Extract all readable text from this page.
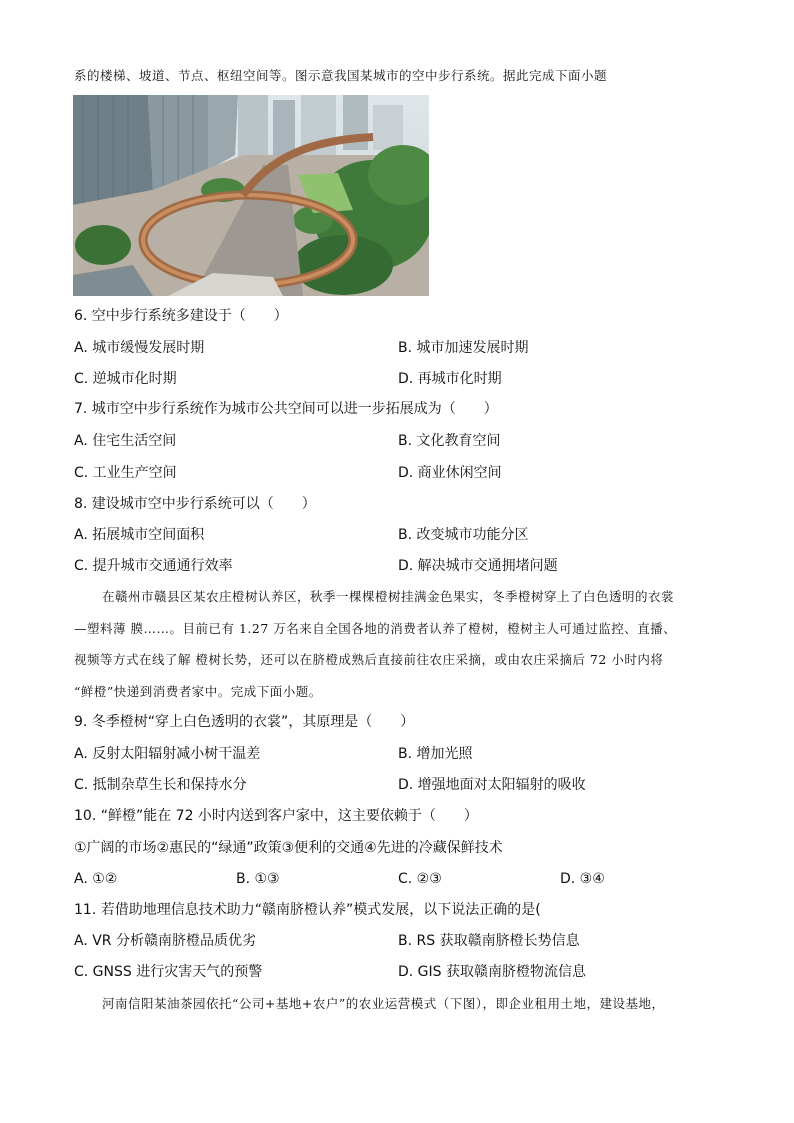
系的楼梯、坡道、节点、枢纽空间等。图示意我国某城市的空中步行系统。据此完成下面小题
6. 空中步行系统多建设于（　　）
A. 城市缓慢发展时期	B. 城市加速发展时期
C. 逆城市化时期	D. 再城市化时期
7. 城市空中步行系统作为城市公共空间可以进一步拓展成为（　　）
A. 住宅生活空间	B. 文化教育空间
C. 工业生产空间	D. 商业休闲空间
8. 建设城市空中步行系统可以（　　）
A. 拓展城市空间面积	B. 改变城市功能分区
C. 提升城市交通通行效率	D. 解决城市交通拥堵问题
在赣州市赣县区某农庄橙树认养区，秋季一棵棵橙树挂满金色果实，冬季橙树穿上了白色透明的衣裳
—塑料薄 膜……。目前已有 1.27 万名来自全国各地的消费者认养了橙树，橙树主人可通过监控、直播、
视频等方式在线了解 橙树长势，还可以在脐橙成熟后直接前往农庄采摘，或由农庄采摘后 72 小时内将
“鲜橙”快递到消费者家中。完成下面小题。
9. 冬季橙树“穿上白色透明的衣裳”，其原理是（　　）
A. 反射太阳辐射减小树干温差	B. 增加光照
C. 抵制杂草生长和保持水分	D. 增强地面对太阳辐射的吸收
10. “鲜橙”能在 72 小时内送到客户家中，这主要依赖于（　　）
①广阔的市场②惠民的“绿通”政策③便利的交通④先进的冷藏保鲜技术
A. ①②	B. ①③	C. ②③	D. ③④
11. 若借助地理信息技术助力“赣南脐橙认养”模式发展，以下说法正确的是(
A. VR 分析赣南脐橙品质优劣	B. RS 获取赣南脐橙长势信息
C. GNSS 进行灾害天气的预警	D. GIS 获取赣南脐橙物流信息
河南信阳某油茶园依托“公司+基地+农户”的农业运营模式（下图），即企业租用土地，建设基地，
